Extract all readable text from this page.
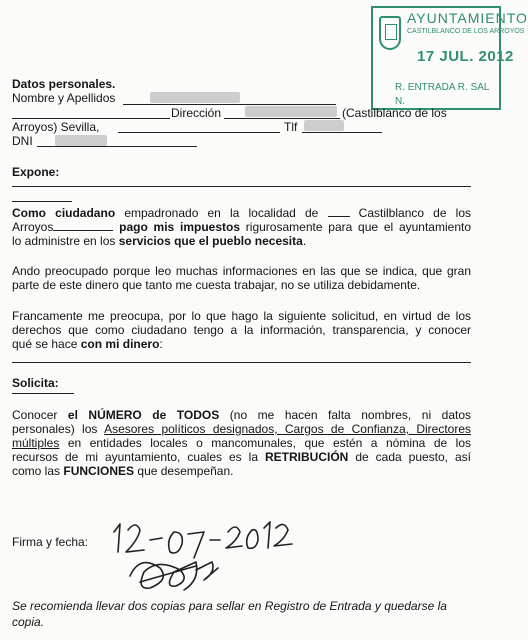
AYUNTAMIENTO
CASTILBLANCO DE LOS ARROYOS
17 JUL. 2012
R. ENTRADA R. SAL
N.
Datos personales.
Nombre y Apellidos
Dirección	(Castilblanco de los
Arroyos) Sevilla,	Tlf
DNI
Expone:
Como ciudadano empadronado en la localidad de	Castilblanco de los
Arroyos	pago mis impuestos rigurosamente para que el ayuntamiento
lo administre en los servicios que el pueblo necesita.
Ando preocupado porque leo muchas informaciones en las que se indica, que gran
parte de este dinero que tanto me cuesta trabajar, no se utiliza debidamente.
Francamente me preocupa, por lo que hago la siguiente solicitud, en virtud de los
derechos que como ciudadano tengo a la información, transparencia, y conocer
qué se hace con mi dinero:
Solicita:
Conocer el NÚMERO de TODOS (no me hacen falta nombres, ni datos
personales) los Asesores políticos designados, Cargos de Confianza, Directores
múltiples en entidades locales o mancomunales, que estén a nómina de los
recursos de mi ayuntamiento, cuales es la RETRIBUCIÓN de cada puesto, así
como las FUNCIONES que desempeñan.
Firma y fecha:
Se recomienda llevar dos copias para sellar en Registro de Entrada y quedarse la
copia.
